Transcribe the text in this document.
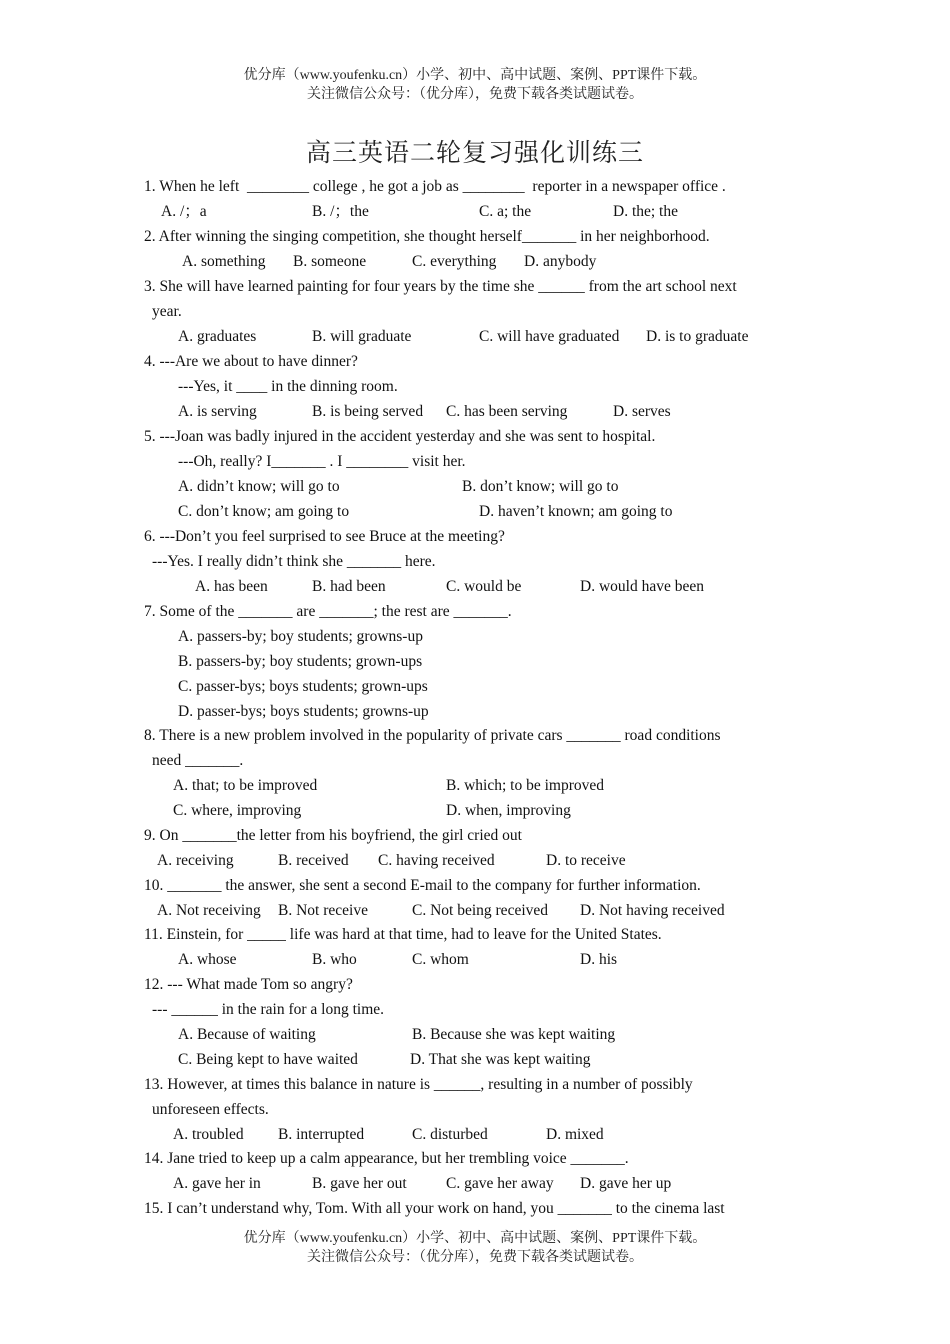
优分库（www.youfenku.cn）小学、初中、高中试题、案例、PPT课件下载。
关注微信公众号：（优分库），免费下载各类试题试卷。
高三英语二轮复习强化训练三
1. When he left  ________ college , he got a job as ________  reporter in a newspaper office .
A. /；a	B. /；the	C. a; the	D. the; the
2. After winning the singing competition, she thought herself_______ in her neighborhood.
A. something B. someone	C. everything D. anybody
3. She will have learned painting for four years by the time she ______ from the art school next
year.
A. graduates	B. will graduate	C. will have graduated D. is to graduate
4. ---Are we about to have dinner?
---Yes, it ____ in the dinning room.
A. is serving	B. is being served C. has been serving	D. serves
5. ---Joan was badly injured in the accident yesterday and she was sent to hospital.
---Oh, really? I_______ . I ________ visit her.
A. didn’t know; will go to	B. don’t know; will go to
C. don’t know; am going to	D. haven’t known; am going to
6. ---Don’t you feel surprised to see Bruce at the meeting?
---Yes. I really didn’t think she _______ here.
A. has been	B. had been	C. would be	D. would have been
7. Some of the _______ are _______; the rest are _______.
A. passers-by; boy students; growns-up
B. passers-by; boy students; grown-ups
C. passer-bys; boys students; grown-ups
D. passer-bys; boys students; growns-up
8. There is a new problem involved in the popularity of private cars _______ road conditions
need _______.
A. that; to be improved	B. which; to be improved
C. where, improving	D. when, improving
9. On _______the letter from his boyfriend, the girl cried out
A. receiving	B. received C. having received	D. to receive
10. _______ the answer, she sent a second E-mail to the company for further information.
A. Not receiving B. Not receive	C. Not being received D. Not having received
11. Einstein, for _____ life was hard at that time, had to leave for the United States.
A. whose	B. who	C. whom	D. his
12. --- What made Tom so angry?
--- ______ in the rain for a long time.
A. Because of waiting	B. Because she was kept waiting
C. Being kept to have waited	D. That she was kept waiting
13. However, at times this balance in nature is ______, resulting in a number of possibly
unforeseen effects.
A. troubled B. interrupted	C. disturbed	D. mixed
14. Jane tried to keep up a calm appearance, but her trembling voice _______.
A. gave her in	B. gave her out	C. gave her away D. gave her up
15. I can’t understand why, Tom. With all your work on hand, you _______ to the cinema last
优分库（www.youfenku.cn）小学、初中、高中试题、案例、PPT课件下载。
关注微信公众号：（优分库），免费下载各类试题试卷。
